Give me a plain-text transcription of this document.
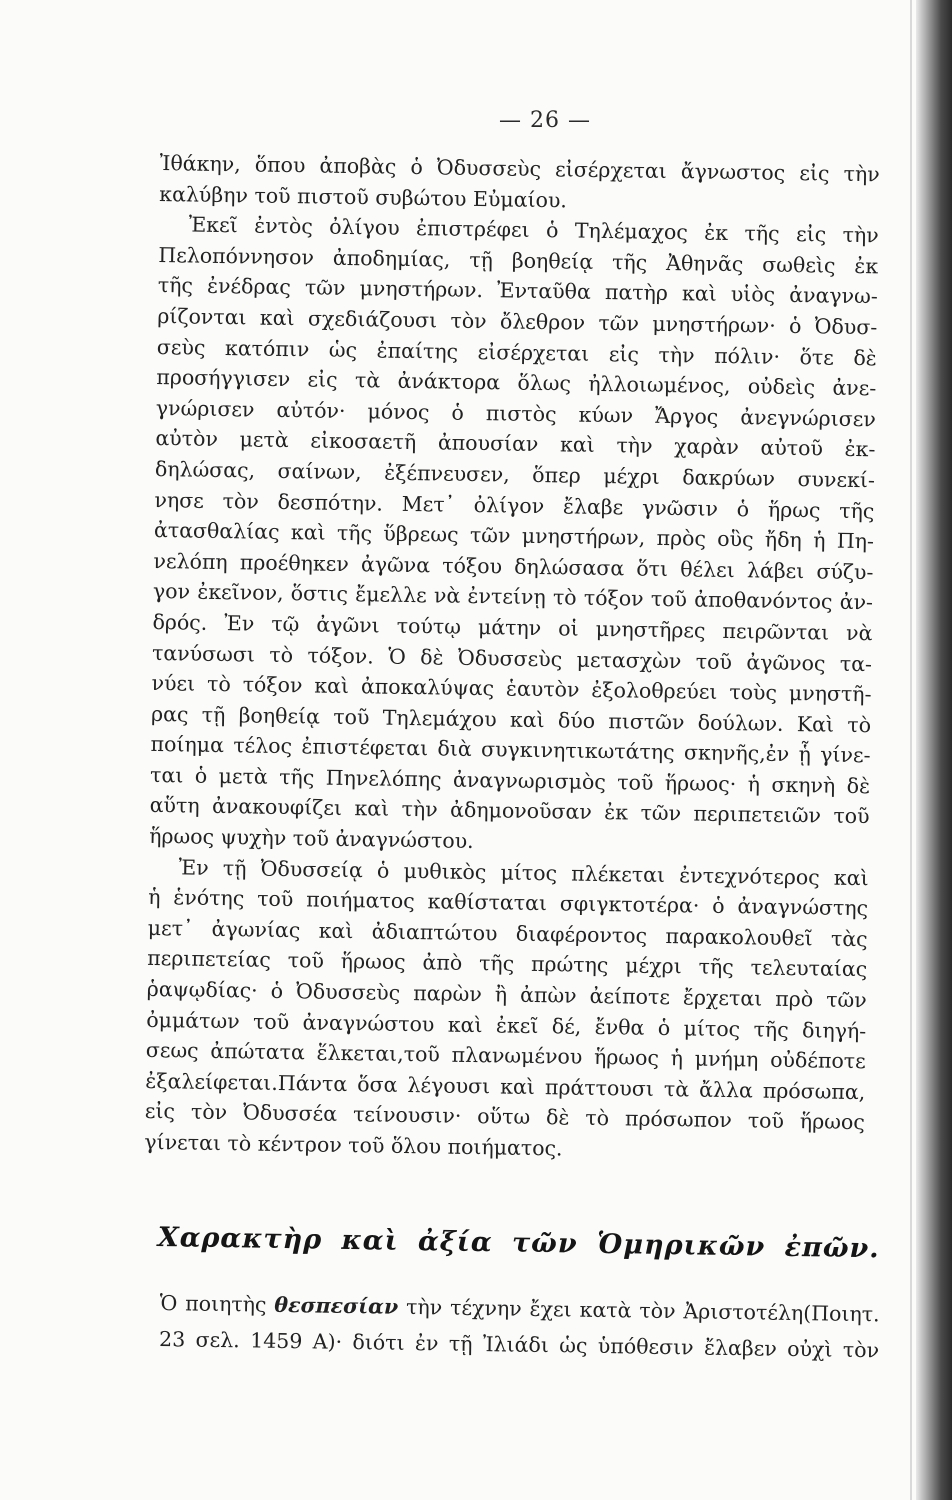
— 26 —
Ἰθάκην, ὅπου ἀποβὰς ὁ Ὀδυσσεὺς εἰσέρχεται ἄγνωστος εἰς τὴν
καλύβην τοῦ πιστοῦ συβώτου Εὐμαίου.
Ἐκεῖ ἐντὸς ὀλίγου ἐπιστρέφει ὁ Τηλέμαχος ἐκ τῆς εἰς τὴν
Πελοπόννησον ἀποδημίας, τῇ βοηθείᾳ τῆς Ἀθηνᾶς σωθεὶς ἐκ
τῆς ἐνέδρας τῶν μνηστήρων. Ἐνταῦθα πατὴρ καὶ υἱὸς ἀναγνω-
ρίζονται καὶ σχεδιάζουσι τὸν ὄλεθρον τῶν μνηστήρων· ὁ Ὀδυσ-
σεὺς κατόπιν ὡς ἐπαίτης εἰσέρχεται εἰς τὴν πόλιν· ὅτε δὲ
προσήγγισεν εἰς τὰ ἀνάκτορα ὅλως ἠλλοιωμένος, οὐδεὶς ἀνε-
γνώρισεν αὐτόν· μόνος ὁ πιστὸς κύων Ἄργος ἀνεγνώρισεν
αὐτὸν μετὰ εἰκοσαετῆ ἀπουσίαν καὶ τὴν χαρὰν αὐτοῦ ἐκ-
δηλώσας, σαίνων, ἐξέπνευσεν, ὅπερ μέχρι δακρύων συνεκί-
νησε τὸν δεσπότην. Μετ᾿ ὀλίγον ἔλαβε γνῶσιν ὁ ἥρως τῆς
ἀτασθαλίας καὶ τῆς ὕβρεως τῶν μνηστήρων, πρὸς οὓς ἤδη ἡ Πη-
νελόπη προέθηκεν ἀγῶνα τόξου δηλώσασα ὅτι θέλει λάβει σύζυ-
γον ἐκεῖνον, ὅστις ἔμελλε νὰ ἐντείνῃ τὸ τόξον τοῦ ἀποθανόντος ἀν-
δρός. Ἐν τῷ ἀγῶνι τούτῳ μάτην οἱ μνηστῆρες πειρῶνται νὰ
τανύσωσι τὸ τόξον. Ὁ δὲ Ὀδυσσεὺς μετασχὼν τοῦ ἀγῶνος τα-
νύει τὸ τόξον καὶ ἀποκαλύψας ἑαυτὸν ἐξολοθρεύει τοὺς μνηστῆ-
ρας τῇ βοηθείᾳ τοῦ Τηλεμάχου καὶ δύο πιστῶν δούλων. Καὶ τὸ
ποίημα τέλος ἐπιστέφεται διὰ συγκινητικωτάτης σκηνῆς,ἐν ᾗ γίνε-
ται ὁ μετὰ τῆς Πηνελόπης ἀναγνωρισμὸς τοῦ ἥρωος· ἡ σκηνὴ δὲ
αὕτη ἀνακουφίζει καὶ τὴν ἀδημονοῦσαν ἐκ τῶν περιπετειῶν τοῦ
ἥρωος ψυχὴν τοῦ ἀναγνώστου.
Ἐν τῇ Ὀδυσσείᾳ ὁ μυθικὸς μίτος πλέκεται ἐντεχνότερος καὶ
ἡ ἑνότης τοῦ ποιήματος καθίσταται σφιγκτοτέρα· ὁ ἀναγνώστης
μετ᾿ ἀγωνίας καὶ ἀδιαπτώτου διαφέροντος παρακολουθεῖ τὰς
περιπετείας τοῦ ἥρωος ἀπὸ τῆς πρώτης μέχρι τῆς τελευταίας
ῥαψῳδίας· ὁ Ὀδυσσεὺς παρὼν ἢ ἀπὼν ἀείποτε ἔρχεται πρὸ τῶν
ὀμμάτων τοῦ ἀναγνώστου καὶ ἐκεῖ δέ, ἔνθα ὁ μίτος τῆς διηγή-
σεως ἀπώτατα ἕλκεται,τοῦ πλανωμένου ἥρωος ἡ μνήμη οὐδέποτε
ἐξαλείφεται.Πάντα ὅσα λέγουσι καὶ πράττουσι τὰ ἄλλα πρόσωπα,
εἰς τὸν Ὀδυσσέα τείνουσιν· οὕτω δὲ τὸ πρόσωπον τοῦ ἥρωος
γίνεται τὸ κέντρον τοῦ ὅλου ποιήματος.
Χαρακτὴρ καὶ ἀξία τῶν Ὁμηρικῶν ἐπῶν.
Ὁ ποιητὴς θεσπεσίαν τὴν τέχνην ἔχει κατὰ τὸν Ἀριστοτέλη(Ποιητ.
23 σελ. 1459 Α)· διότι ἐν τῇ Ἰλιάδι ὡς ὑπόθεσιν ἔλαβεν οὐχὶ τὸν
